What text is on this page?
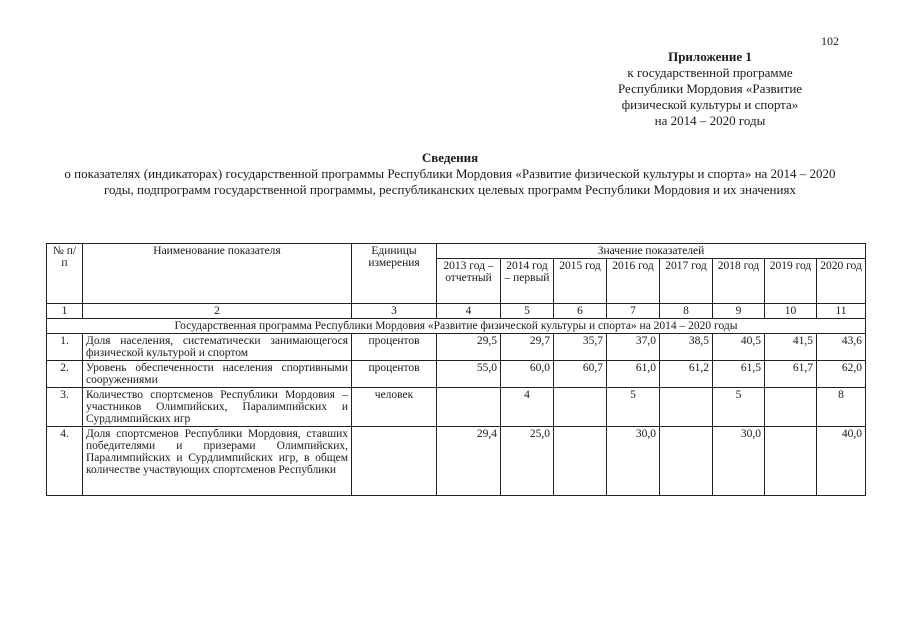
102
Приложение 1
к государственной программе
Республики Мордовия «Развитие
физической культуры и спорта»
на 2014 – 2020 годы
Сведения
о показателях (индикаторах) государственной программы Республики Мордовия «Развитие физической культуры и спорта» на 2014 – 2020 годы, подпрограмм государственной программы, республиканских целевых программ Республики Мордовия и их значениях
№ п/п	Наименование показателя	Единицы измерения	Значение показателей							
			2013 год – отчетный	2014 год – первый	2015 год	2016 год	2017 год	2018 год	2019 год	2020 год
1	2	3	4	5	6	7	8	9	10	11
Государственная программа Республики Мордовия «Развитие физической культуры и спорта» на 2014 – 2020 годы										
1.	Доля населения, систематически занимающегося физической культурой и спортом	процентов	29,5	29,7	35,7	37,0	38,5	40,5	41,5	43,6
2.	Уровень обеспеченности населения спортивными сооружениями	процентов	55,0	60,0	60,7	61,0	61,2	61,5	61,7	62,0
3.	Количество спортсменов Республики Мордовия – участников Олимпийских, Паралимпийских и Сурдлимпийских игр	человек		4		5		5		8
4.	Доля спортсменов Республики Мордовия, ставших победителями и призерами Олимпийских, Паралимпийских и Сурдлимпийских игр, в общем количестве участвующих спортсменов Республики		29,4	25,0		30,0		30,0		40,0
